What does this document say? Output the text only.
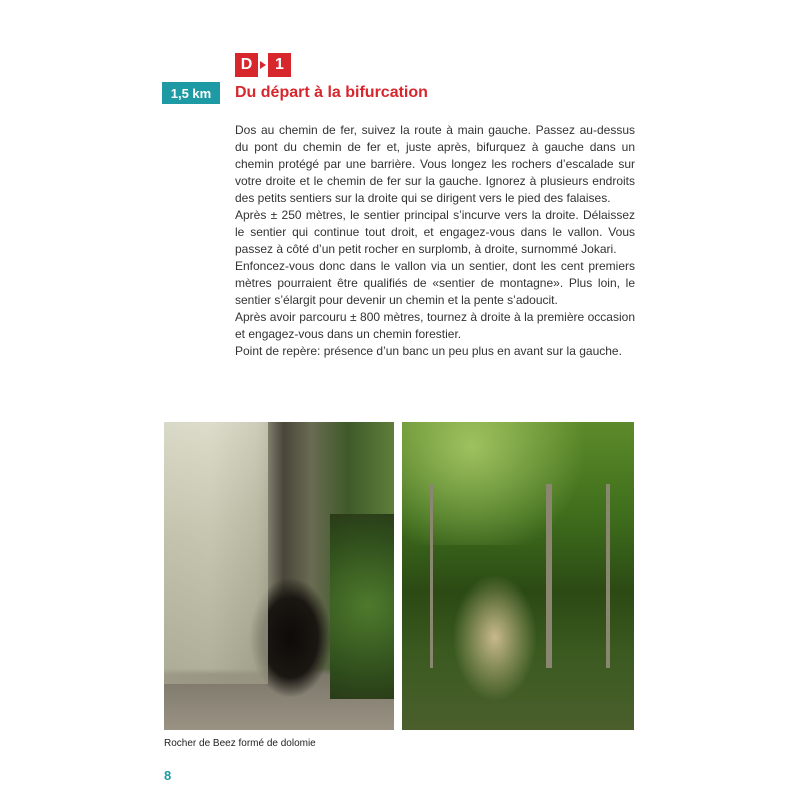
D	1
1,5 km	Du départ à la bifurcation

Dos au chemin de fer, suivez la route à main gauche. Passez au-dessus du pont du chemin de fer et, juste après, bifurquez à gauche dans un chemin protégé par une barrière. Vous longez les rochers d’escalade sur votre droite et le chemin de fer sur la gauche. Ignorez à plusieurs endroits des petits sentiers sur la droite qui se dirigent vers le pied des falaises.

Après ± 250 mètres, le sentier principal s’incurve vers la droite. Délaissez le sentier qui continue tout droit, et engagez-vous dans le vallon. Vous passez à côté d’un petit rocher en surplomb, à droite, surnommé Jokari.

Enfoncez-vous donc dans le vallon via un sentier, dont les cent premiers mètres pourraient être qualifiés de «sentier de montagne». Plus loin, le sentier s’élargit pour devenir un chemin et la pente s’adoucit.

Après avoir parcouru ± 800 mètres, tournez à droite à la première occasion et engagez-vous dans un chemin forestier.

Point de repère: présence d’un banc un peu plus en avant sur la gauche.

Rocher de Beez formé de dolomie

8
